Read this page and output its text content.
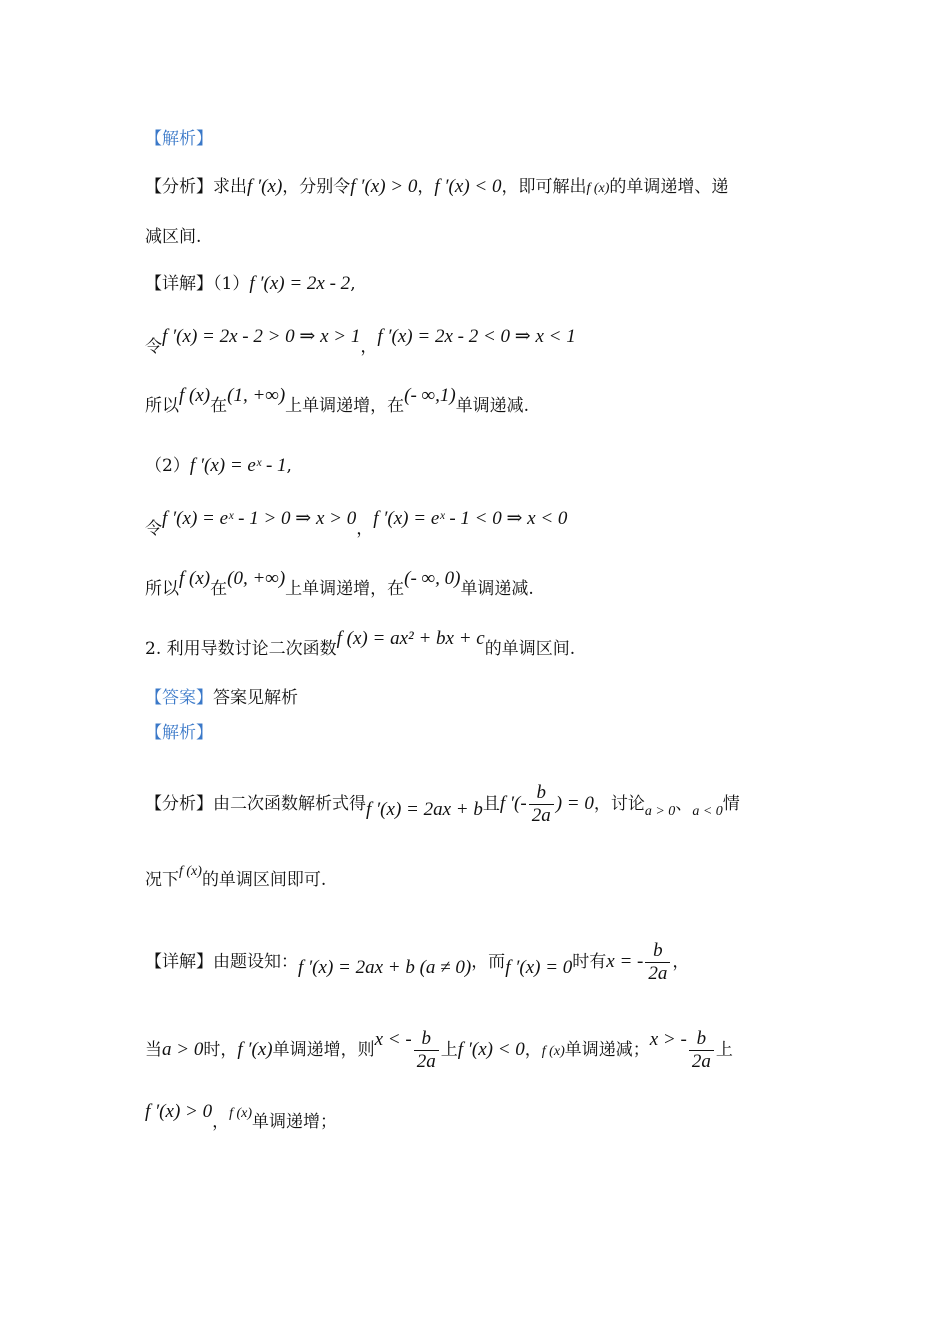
【解析】
【分析】求出f ′(x)，分别令f ′(x) > 0，f ′(x) < 0，即可解出f (x)的单调递增、递
减区间.
【详解】（1）f ′(x) = 2x - 2,
令f ′(x) = 2x - 2 > 0 ⇒ x > 1，f ′(x) = 2x - 2 < 0 ⇒ x < 1
所以f (x)在(1, +∞)上单调递增，在(- ∞,1)单调递减.
（2）f ′(x) = eˣ - 1,
令f ′(x) = eˣ - 1 > 0 ⇒ x > 0，f ′(x) = eˣ - 1 < 0 ⇒ x < 0
所以f (x)在(0, +∞)上单调递增，在(- ∞, 0)单调递减.
2. 利用导数讨论二次函数f (x) = ax² + bx + c的单调区间.
【答案】答案见解析
【解析】
【分析】由二次函数解析式得f ′(x) = 2ax + b且f ′(- $\frac{b}{2a}$ ) = 0，讨论$_{a > 0}$、$_{a < 0}$情
况下$^{f (x)}$的单调区间即可.
【详解】由题设知：f ′(x) = 2ax + b (a ≠ 0)，而f ′(x) = 0时有x = - $\frac{b}{2a}$ ，
当a > 0时，f ′(x)单调递增，则x < - $\frac{b}{2a}$ 上f ′(x) < 0，f (x)单调递减；x > - $\frac{b}{2a}$ 上
f ′(x) > 0，$^{f (x)}$单调递增；
